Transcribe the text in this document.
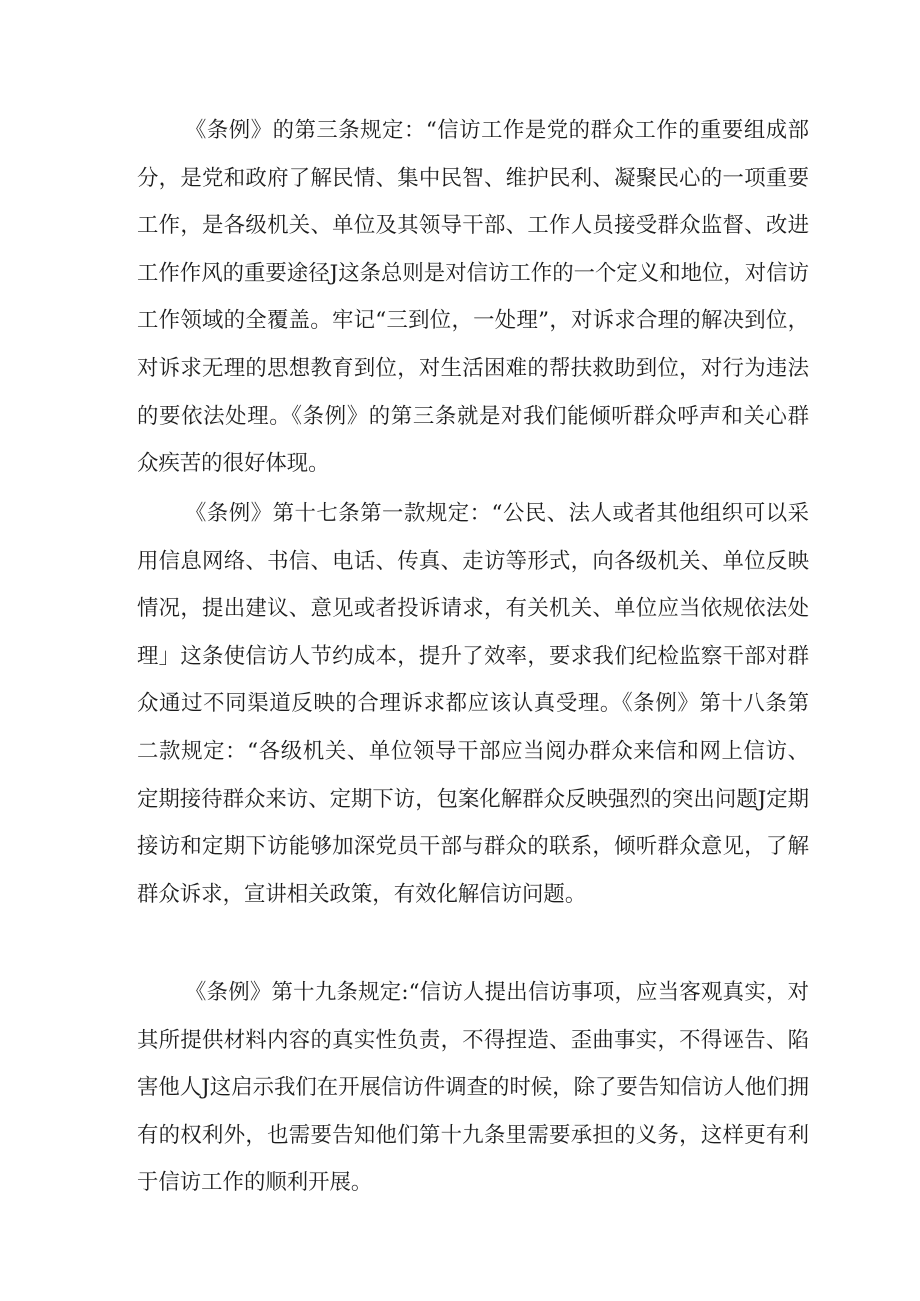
《条例》的第三条规定：“信访工作是党的群众工作的重要组成部分，是党和政府了解民情、集中民智、维护民利、凝聚民心的一项重要工作，是各级机关、单位及其领导干部、工作人员接受群众监督、改进工作作风的重要途径J这条总则是对信访工作的一个定义和地位，对信访工作领域的全覆盖。牢记“三到位，一处理”，对诉求合理的解决到位，对诉求无理的思想教育到位，对生活困难的帮扶救助到位，对行为违法的要依法处理。《条例》的第三条就是对我们能倾听群众呼声和关心群众疾苦的很好体现。

《条例》第十七条第一款规定：“公民、法人或者其他组织可以采用信息网络、书信、电话、传真、走访等形式，向各级机关、单位反映情况，提出建议、意见或者投诉请求，有关机关、单位应当依规依法处理」这条使信访人节约成本，提升了效率，要求我们纪检监察干部对群众通过不同渠道反映的合理诉求都应该认真受理。《条例》第十八条第二款规定：“各级机关、单位领导干部应当阅办群众来信和网上信访、定期接待群众来访、定期下访，包案化解群众反映强烈的突出问题J定期接访和定期下访能够加深党员干部与群众的联系，倾听群众意见，了解群众诉求，宣讲相关政策，有效化解信访问题。

《条例》第十九条规定:“信访人提出信访事项，应当客观真实，对其所提供材料内容的真实性负责，不得捏造、歪曲事实，不得诬告、陷害他人J这启示我们在开展信访件调查的时候，除了要告知信访人他们拥有的权利外，也需要告知他们第十九条里需要承担的义务，这样更有利于信访工作的顺利开展。
